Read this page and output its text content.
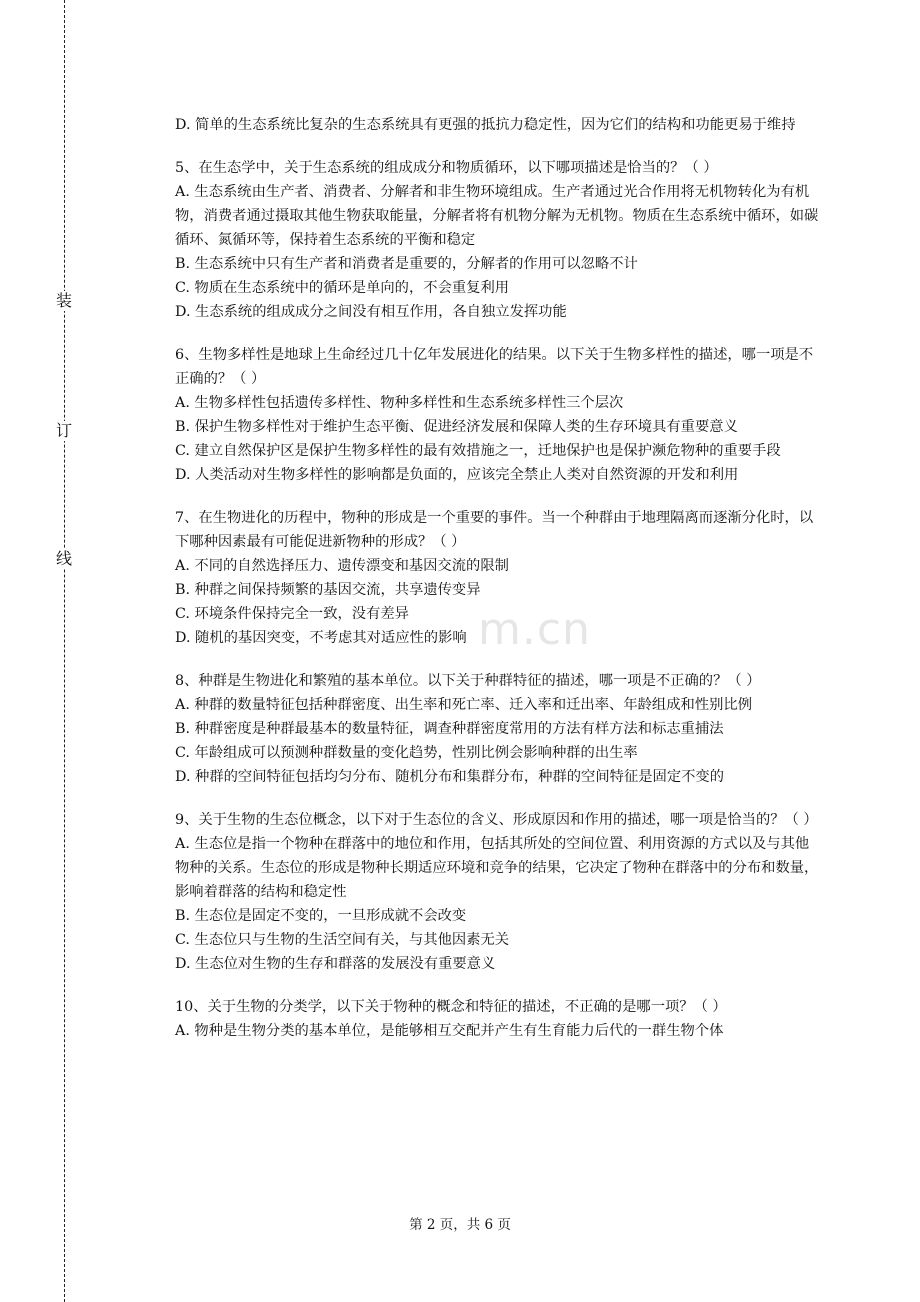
装
订
线
m.cn

D. 简单的生态系统比复杂的生态系统具有更强的抵抗力稳定性，因为它们的结构和功能更易于维持

5、在生态学中，关于生态系统的组成成分和物质循环，以下哪项描述是恰当的？（ ）

A. 生态系统由生产者、消费者、分解者和非生物环境组成。生产者通过光合作用将无机物转化为有机物，消费者通过摄取其他生物获取能量，分解者将有机物分解为无机物。物质在生态系统中循环，如碳循环、氮循环等，保持着生态系统的平衡和稳定

B. 生态系统中只有生产者和消费者是重要的，分解者的作用可以忽略不计

C. 物质在生态系统中的循环是单向的，不会重复利用

D. 生态系统的组成成分之间没有相互作用，各自独立发挥功能

6、生物多样性是地球上生命经过几十亿年发展进化的结果。以下关于生物多样性的描述，哪一项是不正确的？（ ）

A. 生物多样性包括遗传多样性、物种多样性和生态系统多样性三个层次

B. 保护生物多样性对于维护生态平衡、促进经济发展和保障人类的生存环境具有重要意义

C. 建立自然保护区是保护生物多样性的最有效措施之一，迁地保护也是保护濒危物种的重要手段

D. 人类活动对生物多样性的影响都是负面的，应该完全禁止人类对自然资源的开发和利用

7、在生物进化的历程中，物种的形成是一个重要的事件。当一个种群由于地理隔离而逐渐分化时，以下哪种因素最有可能促进新物种的形成？（ ）

A. 不同的自然选择压力、遗传漂变和基因交流的限制

B. 种群之间保持频繁的基因交流，共享遗传变异

C. 环境条件保持完全一致，没有差异

D. 随机的基因突变，不考虑其对适应性的影响

8、种群是生物进化和繁殖的基本单位。以下关于种群特征的描述，哪一项是不正确的？（ ）

A. 种群的数量特征包括种群密度、出生率和死亡率、迁入率和迁出率、年龄组成和性别比例

B. 种群密度是种群最基本的数量特征，调查种群密度常用的方法有样方法和标志重捕法

C. 年龄组成可以预测种群数量的变化趋势，性别比例会影响种群的出生率

D. 种群的空间特征包括均匀分布、随机分布和集群分布，种群的空间特征是固定不变的

9、关于生物的生态位概念，以下对于生态位的含义、形成原因和作用的描述，哪一项是恰当的？（ ）

A. 生态位是指一个物种在群落中的地位和作用，包括其所处的空间位置、利用资源的方式以及与其他物种的关系。生态位的形成是物种长期适应环境和竞争的结果，它决定了物种在群落中的分布和数量，影响着群落的结构和稳定性

B. 生态位是固定不变的，一旦形成就不会改变

C. 生态位只与生物的生活空间有关，与其他因素无关

D. 生态位对生物的生存和群落的发展没有重要意义

10、关于生物的分类学，以下关于物种的概念和特征的描述，不正确的是哪一项？（ ）

A. 物种是生物分类的基本单位，是能够相互交配并产生有生育能力后代的一群生物个体

第 2 页，共 6 页
